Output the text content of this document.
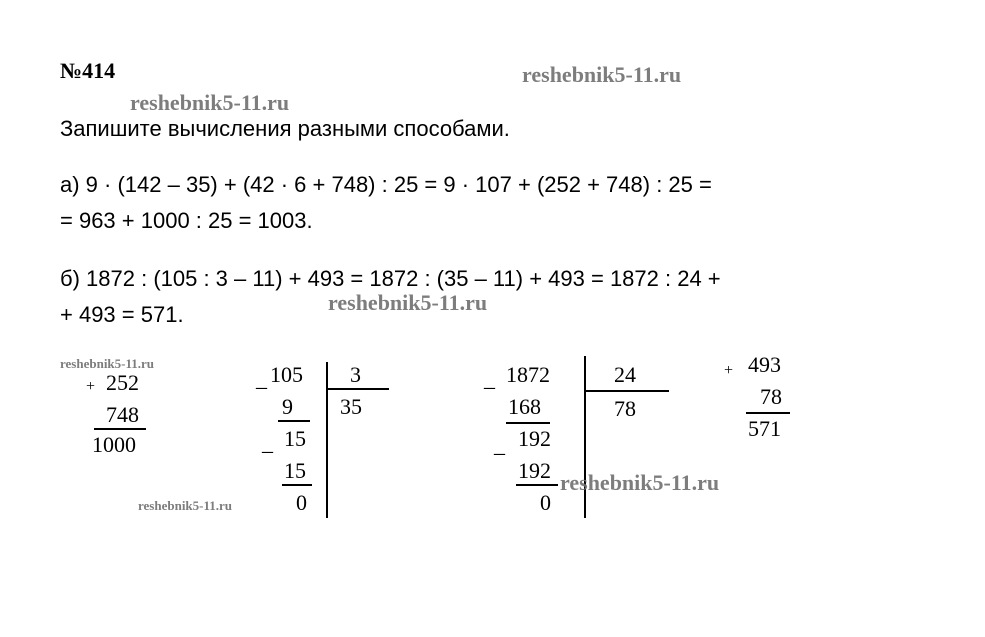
№414	reshebnik5-11.ru
reshebnik5-11.ru
Запишите вычисления разными способами.
а) 9 · (142 – 35) + (42 · 6 + 748) : 25 = 9 · 107 + (252 + 748) : 25 =
= 963 + 1000 : 25 = 1003.
б) 1872 : (105 : 3 – 11) + 493 = 1872 : (35 – 11) + 493 = 1872 : 24 +
reshebnik5-11.ru
+ 493 = 571.
reshebnik5-11.ru
+ 252
748
1000
_ 105 3
35
9
_ 15
15
0
reshebnik5-11.ru
_ 1872	24
78
168
_ 192
192
0
reshebnik5-11.ru
+ 493
78
571
